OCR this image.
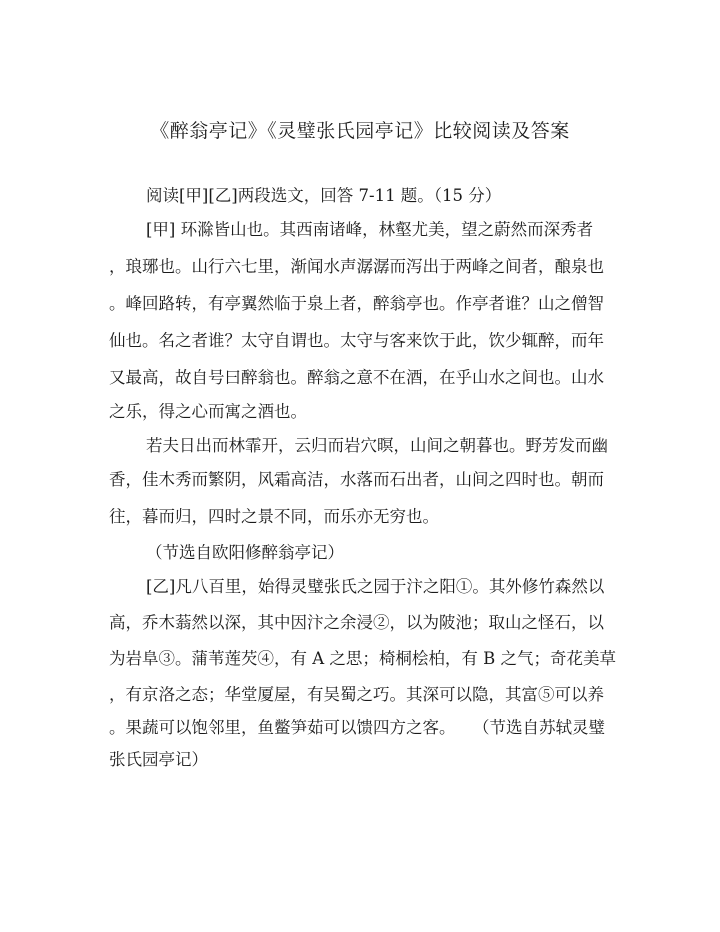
《醉翁亭记》《灵璧张氏园亭记》比较阅读及答案
阅读[甲][乙]两段选文，回答 7-11 题。（15 分）
[甲] 环滁皆山也。其西南诸峰，林壑尤美，望之蔚然而深秀者
，琅琊也。山行六七里，渐闻水声潺潺而泻出于两峰之间者，酿泉也
。峰回路转，有亭翼然临于泉上者，醉翁亭也。作亭者谁？山之僧智
仙也。名之者谁？太守自谓也。太守与客来饮于此，饮少辄醉，而年
又最高，故自号曰醉翁也。醉翁之意不在酒，在乎山水之间也。山水
之乐，得之心而寓之酒也。
若夫日出而林霏开，云归而岩穴暝，山间之朝暮也。野芳发而幽
香，佳木秀而繁阴，风霜高洁，水落而石出者，山间之四时也。朝而
往，暮而归，四时之景不同，而乐亦无穷也。
（节选自欧阳修醉翁亭记）
[乙]凡八百里，始得灵璧张氏之园于汴之阳①。其外修竹森然以
高，乔木蓊然以深，其中因汴之余浸②，以为陂池；取山之怪石，以
为岩阜③。蒲苇莲芡④，有 A 之思；椅桐桧柏，有 B 之气；奇花美草
，有京洛之态；华堂厦屋，有吴蜀之巧。其深可以隐，其富⑤可以养
。果蔬可以饱邻里，鱼鳖笋茹可以馈四方之客。 （节选自苏轼灵璧
张氏园亭记）
